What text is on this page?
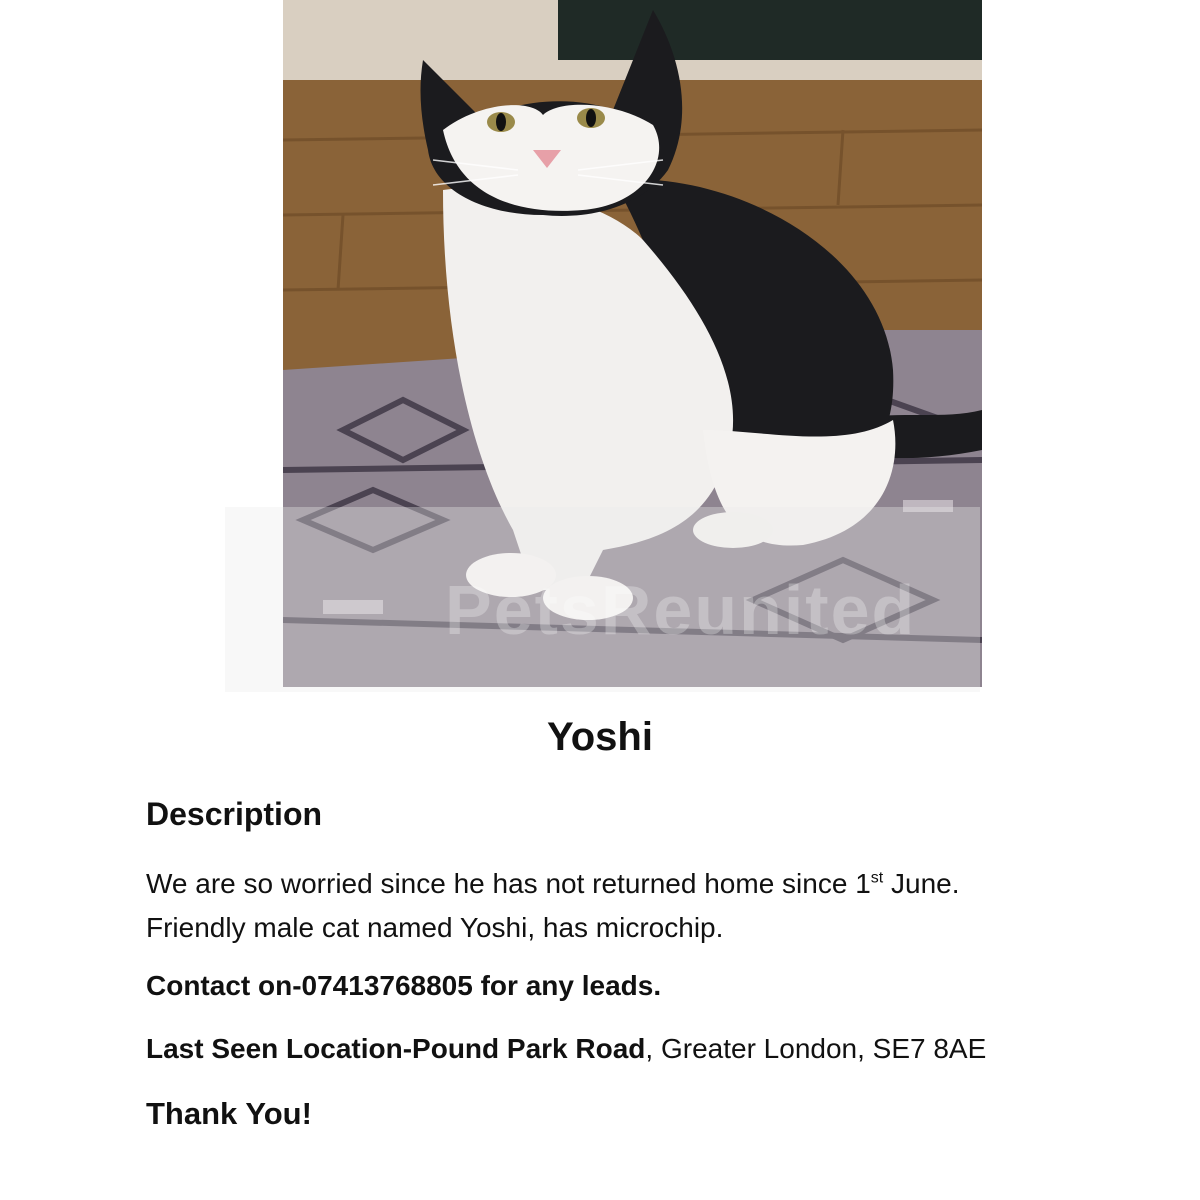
PetsReunited
Yoshi
Description

We are so worried since he has not returned home since 1st June.
Friendly male cat named Yoshi, has microchip.

Contact on-07413768805 for any leads.

Last Seen Location-Pound Park Road, Greater London, SE7 8AE

Thank You!
